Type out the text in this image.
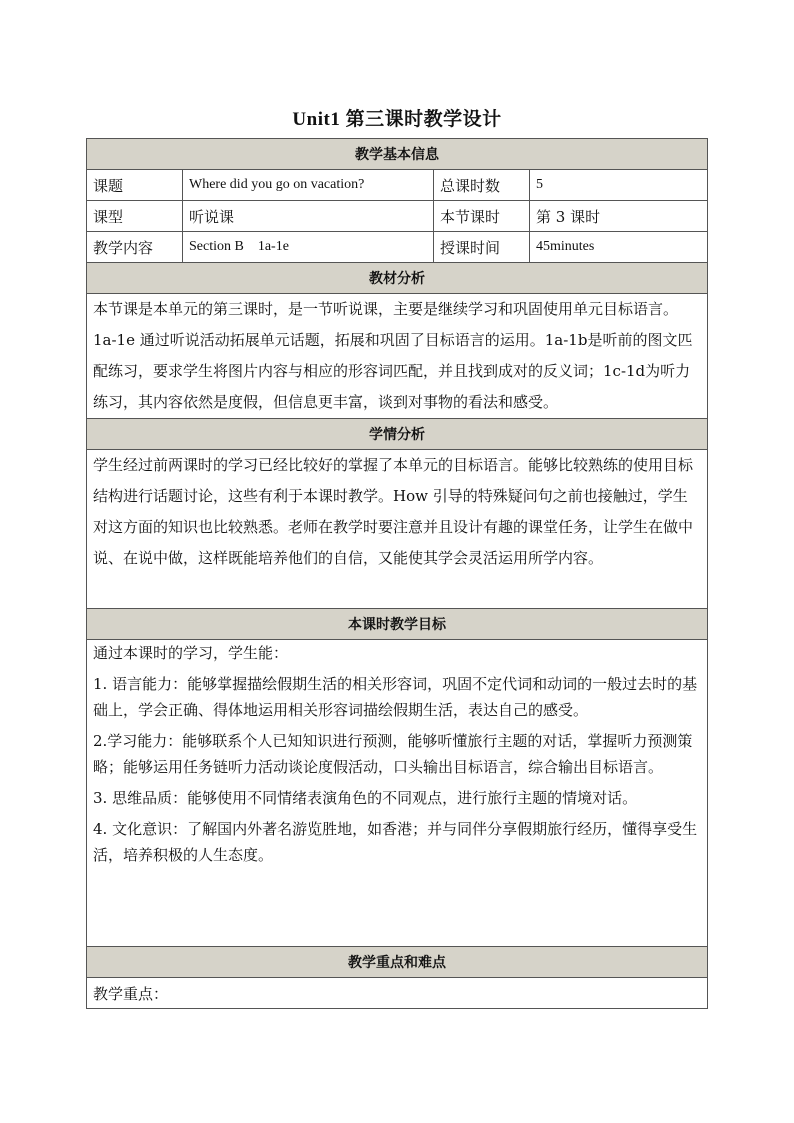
Unit1 第三课时教学设计
教学基本信息			
课题	Where did you go on vacation?	总课时数	5
课型	听说课	本节课时	第 3 课时
教学内容	Section B    1a-1e	授课时间	45minutes
教材分析			
本节课是本单元的第三课时，是一节听说课，主要是继续学习和巩固使用单元目标语言。1a-1e 通过听说活动拓展单元话题，拓展和巩固了目标语言的运用。1a-1b是听前的图文匹配练习，要求学生将图片内容与相应的形容词匹配，并且找到成对的反义词；1c-1d为听力练习，其内容依然是度假，但信息更丰富，谈到对事物的看法和感受。			
学情分析			
学生经过前两课时的学习已经比较好的掌握了本单元的目标语言。能够比较熟练的使用目标结构进行话题讨论，这些有利于本课时教学。How 引导的特殊疑问句之前也接触过，学生对这方面的知识也比较熟悉。老师在教学时要注意并且设计有趣的课堂任务，让学生在做中说、在说中做，这样既能培养他们的自信，又能使其学会灵活运用所学内容。			
本课时教学目标			

通过本课时的学习，学生能：

1. 语言能力：能够掌握描绘假期生活的相关形容词，巩固不定代词和动词的一般过去时的基础上，学会正确、得体地运用相关形容词描绘假期生活，表达自己的感受。

2.学习能力：能够联系个人已知知识进行预测，能够听懂旅行主题的对话，掌握听力预测策略；能够运用任务链听力活动谈论度假活动，口头输出目标语言，综合输出目标语言。

3. 思维品质：能够使用不同情绪表演角色的不同观点，进行旅行主题的情境对话。

4. 文化意识：了解国内外著名游览胜地，如香港；并与同伴分享假期旅行经历，懂得享受生活，培养积极的人生态度。			

教学重点和难点			
教学重点：			
